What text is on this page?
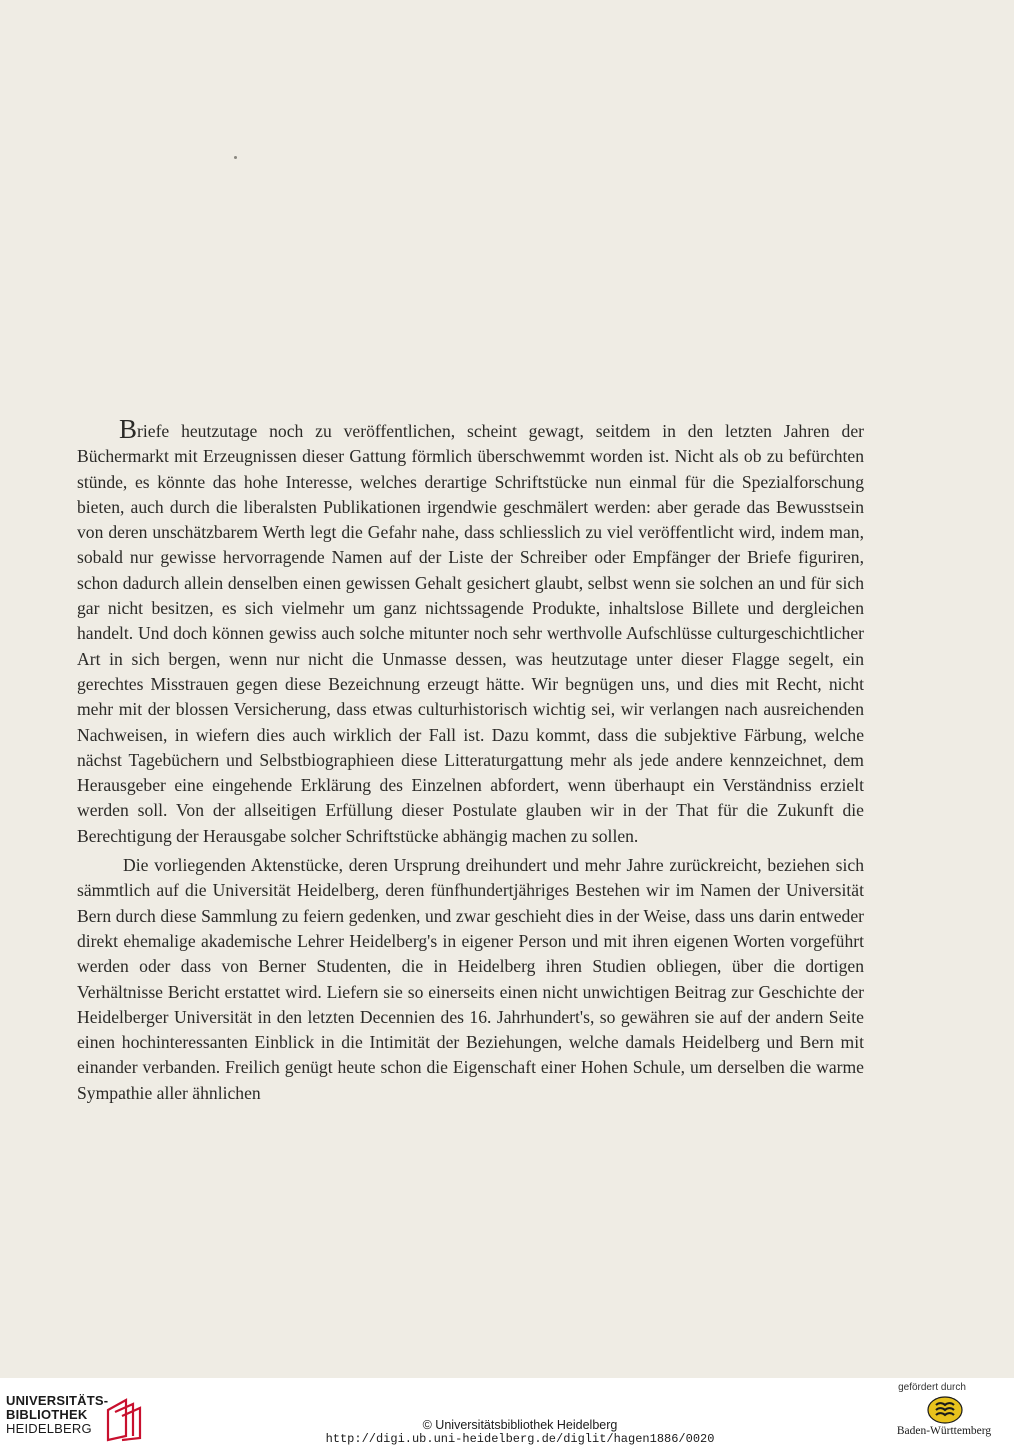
Briefe heutzutage noch zu veröffentlichen, scheint gewagt, seitdem in den letzten Jahren der Büchermarkt mit Erzeugnissen dieser Gattung förmlich überschwemmt worden ist. Nicht als ob zu befürchten stünde, es könnte das hohe Interesse, welches derartige Schriftstücke nun einmal für die Spezialforschung bieten, auch durch die liberalsten Publikationen irgendwie geschmälert werden: aber gerade das Bewusstsein von deren unschätzbarem Werth legt die Gefahr nahe, dass schliesslich zu viel veröffentlicht wird, indem man, sobald nur gewisse hervorragende Namen auf der Liste der Schreiber oder Empfänger der Briefe figuriren, schon dadurch allein denselben einen gewissen Gehalt gesichert glaubt, selbst wenn sie solchen an und für sich gar nicht besitzen, es sich vielmehr um ganz nichtssagende Produkte, inhaltslose Billete und dergleichen handelt. Und doch können gewiss auch solche mitunter noch sehr werthvolle Aufschlüsse culturgeschichtlicher Art in sich bergen, wenn nur nicht die Unmasse dessen, was heutzutage unter dieser Flagge segelt, ein gerechtes Misstrauen gegen diese Bezeichnung erzeugt hätte. Wir begnügen uns, und dies mit Recht, nicht mehr mit der blossen Versicherung, dass etwas culturhistorisch wichtig sei, wir verlangen nach ausreichenden Nachweisen, in wiefern dies auch wirklich der Fall ist. Dazu kommt, dass die subjektive Färbung, welche nächst Tagebüchern und Selbstbiographieen diese Litteraturgattung mehr als jede andere kennzeichnet, dem Herausgeber eine eingehende Erklärung des Einzelnen abfordert, wenn überhaupt ein Verständniss erzielt werden soll. Von der allseitigen Erfüllung dieser Postulate glauben wir in der That für die Zukunft die Berechtigung der Herausgabe solcher Schriftstücke abhängig machen zu sollen.

Die vorliegenden Aktenstücke, deren Ursprung dreihundert und mehr Jahre zurückreicht, beziehen sich sämmtlich auf die Universität Heidelberg, deren fünfhundertjähriges Bestehen wir im Namen der Universität Bern durch diese Sammlung zu feiern gedenken, und zwar geschieht dies in der Weise, dass uns darin entweder direkt ehemalige akademische Lehrer Heidelberg's in eigener Person und mit ihren eigenen Worten vorgeführt werden oder dass von Berner Studenten, die in Heidelberg ihren Studien obliegen, über die dortigen Verhältnisse Bericht erstattet wird. Liefern sie so einerseits einen nicht unwichtigen Beitrag zur Geschichte der Heidelberger Universität in den letzten Decennien des 16. Jahrhundert's, so gewähren sie auf der andern Seite einen hochinteressanten Einblick in die Intimität der Beziehungen, welche damals Heidelberg und Bern mit einander verbanden. Freilich genügt heute schon die Eigenschaft einer Hohen Schule, um derselben die warme Sympathie aller ähnlichen

UNIVERSITÄTS-
BIBLIOTHEK
HEIDELBERG	© Universitätsbibliothek Heidelberg
http://digi.ub.uni-heidelberg.de/diglit/hagen1886/0020
gefördert durch
Baden-Württemberg
